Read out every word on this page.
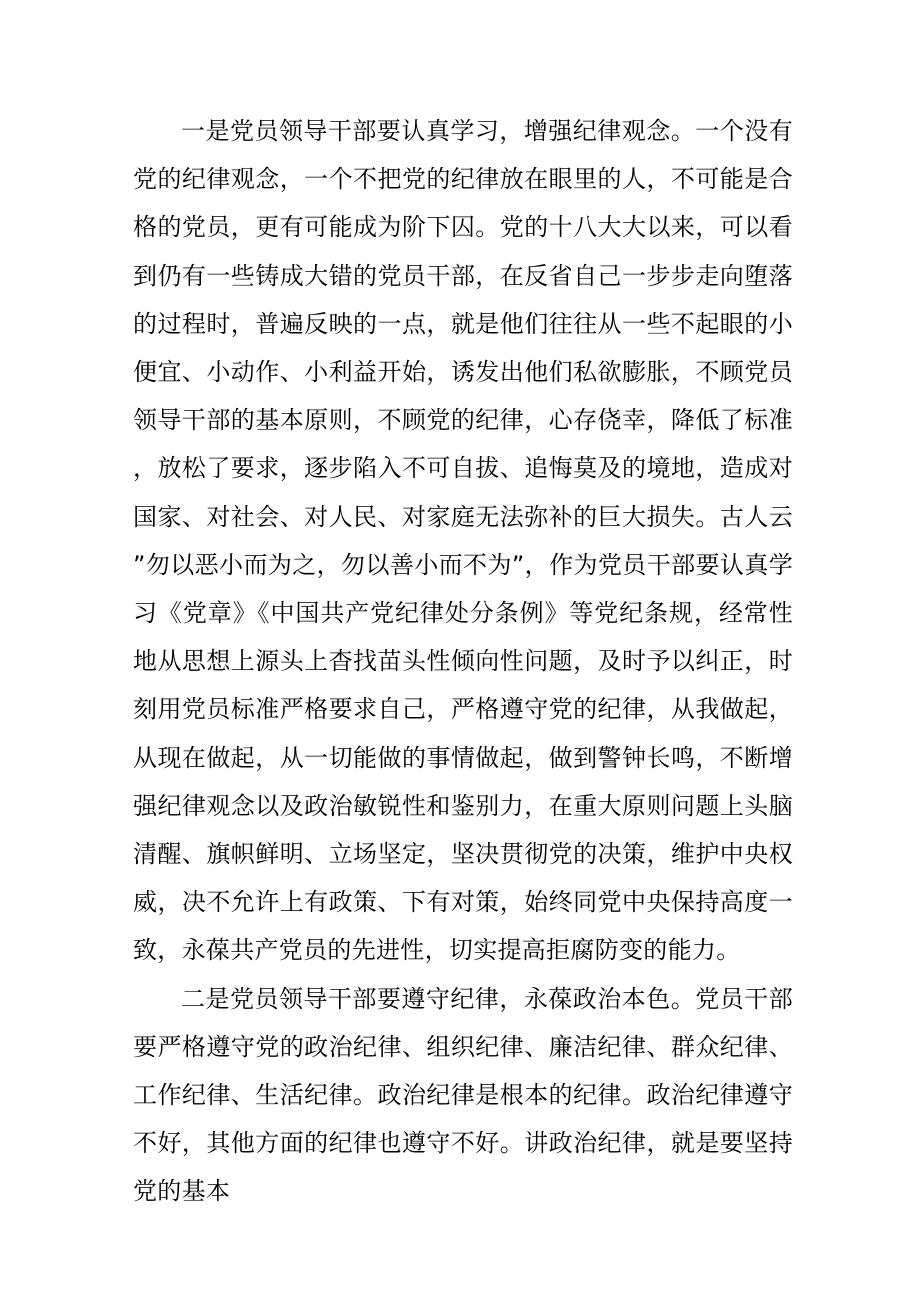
一是党员领导干部要认真学习，增强纪律观念。一个没有党的纪律观念，一个不把党的纪律放在眼里的人，不可能是合格的党员，更有可能成为阶下囚。党的十八大大以来，可以看到仍有一些铸成大错的党员干部，在反省自己一步步走向堕落的过程时，普遍反映的一点，就是他们往往从一些不起眼的小便宜、小动作、小利益开始，诱发出他们私欲膨胀，不顾党员领导干部的基本原则，不顾党的纪律，心存侥幸，降低了标准，放松了要求，逐步陷入不可自拔、追悔莫及的境地，造成对国家、对社会、对人民、对家庭无法弥补的巨大损失。古人云”勿以恶小而为之，勿以善小而不为”，作为党员干部要认真学习《党章》《中国共产党纪律处分条例》等党纪条规，经常性地从思想上源头上杳找苗头性倾向性问题，及时予以纠正，时刻用党员标准严格要求自己，严格遵守党的纪律，从我做起，从现在做起，从一切能做的事情做起，做到警钟长鸣，不断增强纪律观念以及政治敏锐性和鉴别力，在重大原则问题上头脑清醒、旗帜鲜明、立场坚定，坚决贯彻党的决策，维护中央权威，决不允许上有政策、下有对策，始终同党中央保持高度一致，永葆共产党员的先进性，切实提高拒腐防变的能力。

二是党员领导干部要遵守纪律，永葆政治本色。党员干部要严格遵守党的政治纪律、组织纪律、廉洁纪律、群众纪律、工作纪律、生活纪律。政治纪律是根本的纪律。政治纪律遵守不好，其他方面的纪律也遵守不好。讲政治纪律，就是要坚持党的基本
